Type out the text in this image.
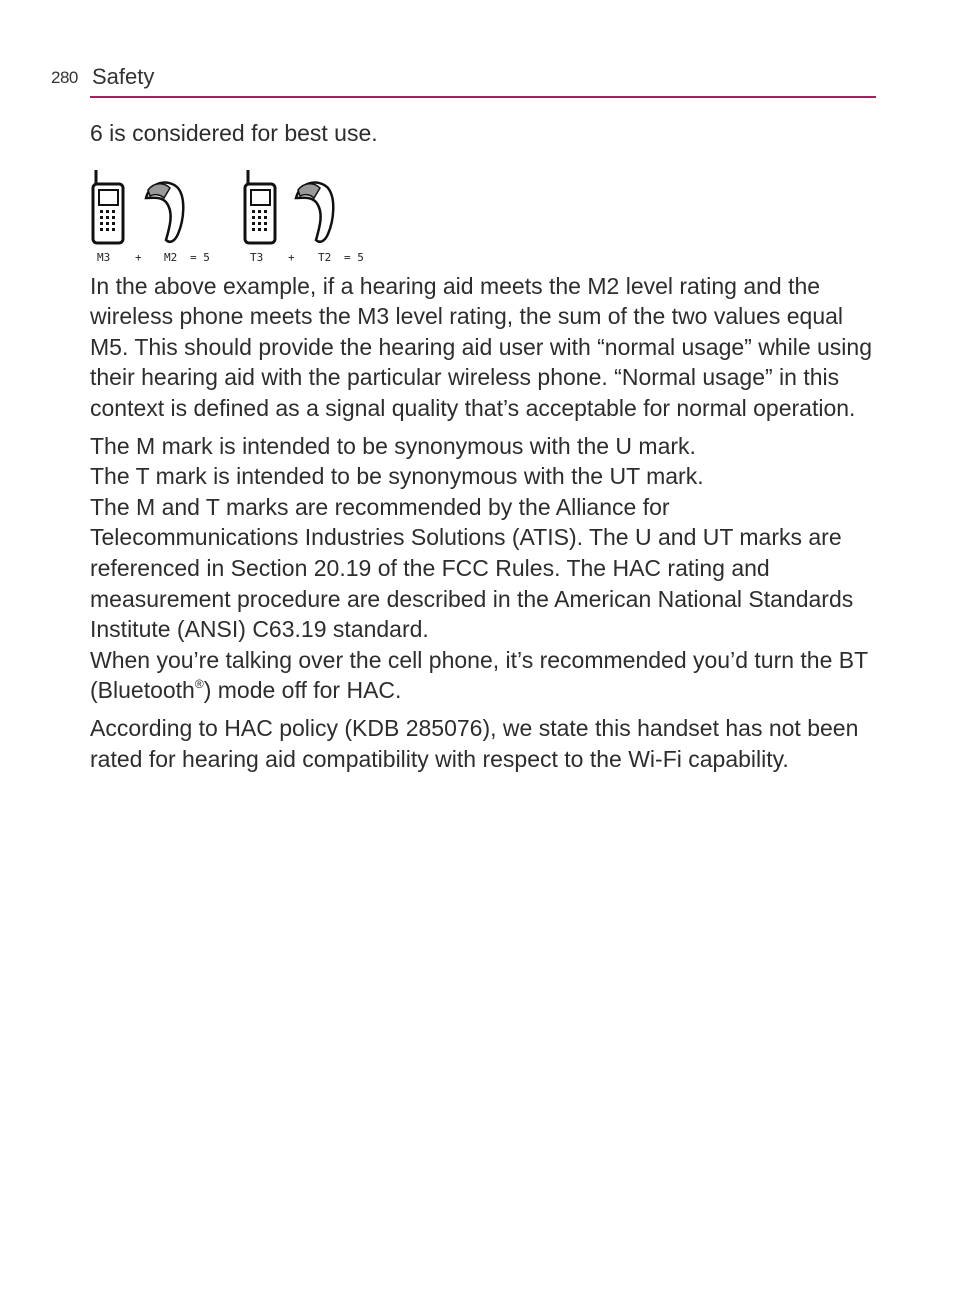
280 Safety

6 is considered for best use.

M3 + M2 = 5	T3 + T2 = 5

In the above example, if a hearing aid meets the M2 level rating and the wireless phone meets the M3 level rating, the sum of the two values equal M5. This should provide the hearing aid user with “normal usage” while using their hearing aid with the particular wireless phone. “Normal usage” in this context is defined as a signal quality that’s acceptable for normal operation.

The M mark is intended to be synonymous with the U mark.

The T mark is intended to be synonymous with the UT mark.

The M and T marks are recommended by the Alliance for Telecommunications Industries Solutions (ATIS). The U and UT marks are referenced in Section 20.19 of the FCC Rules. The HAC rating and measurement procedure are described in the American National Standards Institute (ANSI) C63.19 standard.

When you’re talking over the cell phone, it’s recommended you’d turn the BT (Bluetooth®) mode off for HAC.

According to HAC policy (KDB 285076), we state this handset has not been rated for hearing aid compatibility with respect to the Wi-Fi capability.
